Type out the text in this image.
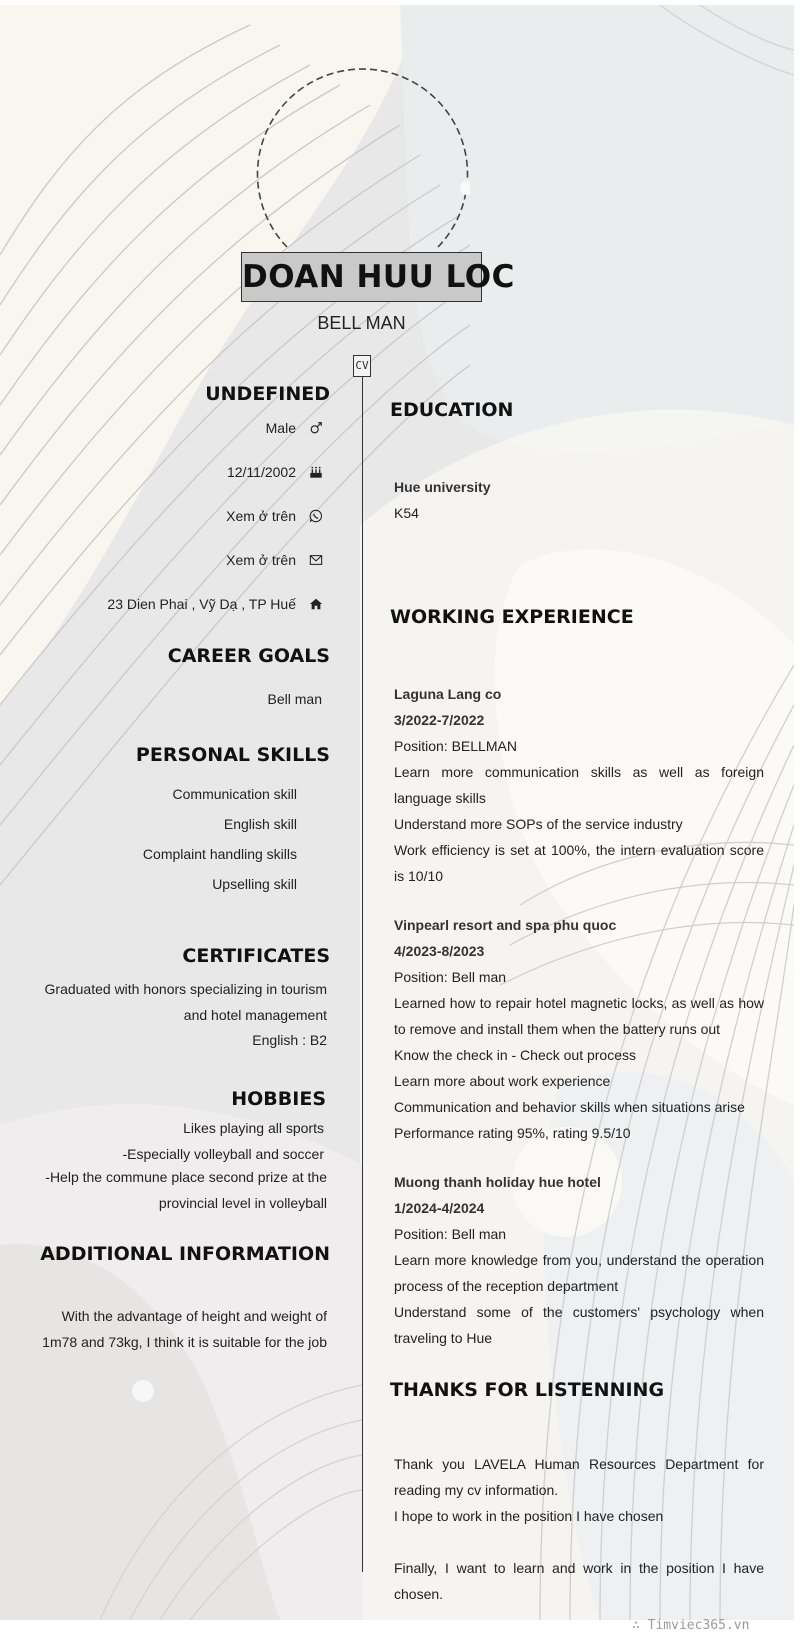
DOAN HUU LOC
BELL MAN
CV
UNDEFINED
Male
12/11/2002
Xem ở trên
Xem ở trên
23 Dien Phai , Vỹ Dạ , TP Huế
CAREER GOALS
Bell man
PERSONAL SKILLS
Communication skill
English skill
Complaint handling skills
Upselling skill
CERTIFICATES
Graduated with honors specializing in tourism and hotel management
English : B2
HOBBIES
Likes playing all sports
-Especially volleyball and soccer
-Help the commune place second prize at the provincial level in volleyball
ADDITIONAL INFORMATION
With the advantage of height and weight of 1m78 and 73kg, I think it is suitable for the job
EDUCATION
Hue university
K54
WORKING EXPERIENCE
Laguna Lang co
3/2022-7/2022
Position: BELLMAN
Learn more communication skills as well as foreign language skills
Understand more SOPs of the service industry
Work efficiency is set at 100%, the intern evaluation score is 10/10
Vinpearl resort and spa phu quoc
4/2023-8/2023
Position: Bell man
Learned how to repair hotel magnetic locks, as well as how to remove and install them when the battery runs out
Know the check in - Check out process
Learn more about work experience
Communication and behavior skills when situations arise
Performance rating 95%, rating 9.5/10
Muong thanh holiday hue hotel
1/2024-4/2024
Position: Bell man
Learn more knowledge from you, understand the operation process of the reception department
Understand some of the customers' psychology when traveling to Hue
THANKS FOR LISTENNING
Thank you LAVELA Human Resources Department for reading my cv information.
I hope to work in the position I have chosen
Finally, I want to learn and work in the position I have chosen.
∴ Timviec365.vn
